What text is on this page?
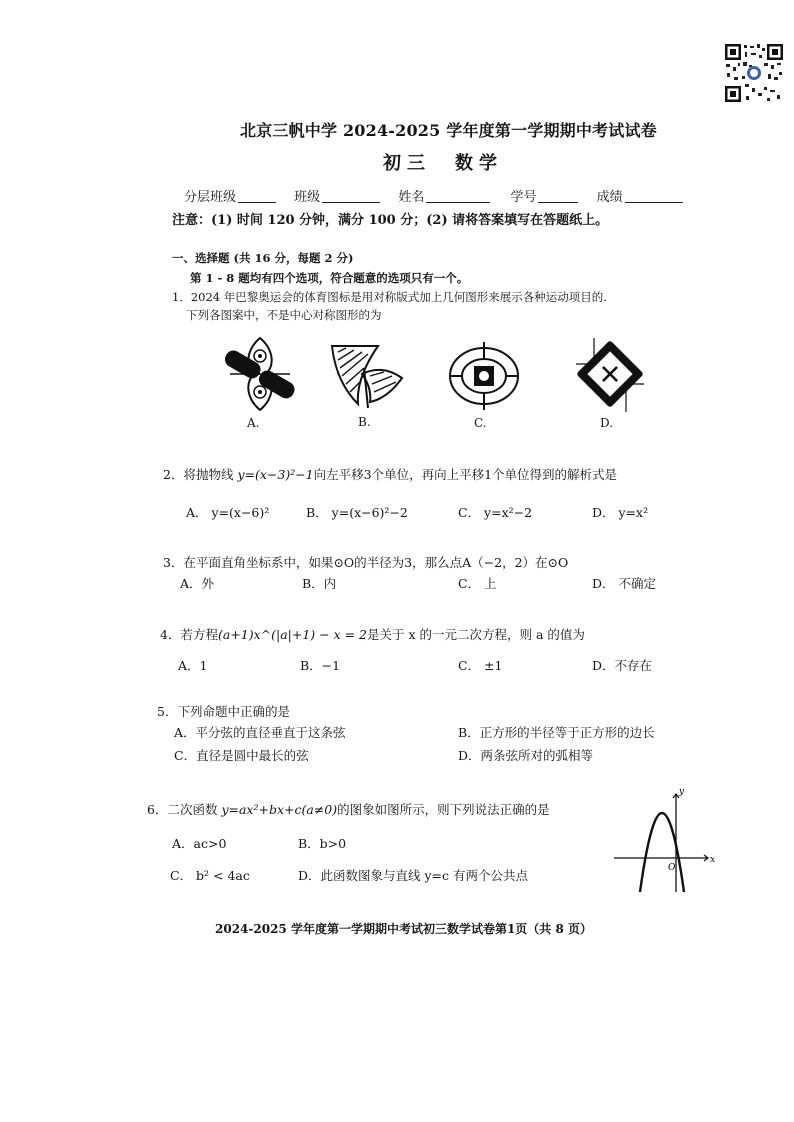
北京三帆中学 2024-2025 学年度第一学期期中考试试卷
初三　数学
分层班级	班级	姓名	学号	成绩
注意：(1) 时间 120 分钟，满分 100 分；(2) 请将答案填写在答题纸上。
一、选择题 (共 16 分，每题 2 分)
第 1 - 8 题均有四个选项，符合题意的选项只有一个。
1．2024 年巴黎奥运会的体育图标是用对称版式加上几何图形来展示各种运动项目的.
下列各图案中，不是中心对称图形的为
A.	B.	C.	D.
2．将抛物线 y=(x−3)²−1向左平移3个单位，再向上平移1个单位得到的解析式是
A． y=(x−6)²	B． y=(x−6)²−2	C． y=x²−2	D． y=x²
3．在平面直角坐标系中，如果⊙O的半径为3，那么点A（−2，2）在⊙O
A．外	B．内	C． 上	D． 不确定
4．若方程(a+1)x^(|a|+1) − x = 2是关于 x 的一元二次方程，则 a 的值为
A．1	B．−1	C． ±1	D．不存在
5．下列命题中正确的是
A．平分弦的直径垂直于这条弦	B．正方形的半径等于正方形的边长
C．直径是圆中最长的弦	D．两条弦所对的弧相等
6．二次函数 y=ax²+bx+c(a≠0)的图象如图所示，则下列说法正确的是
A．ac>0	B．b>0
C． b² < 4ac	D．此函数图象与直线 y=c 有两个公共点
x
y
O
2024-2025 学年度第一学期期中考试初三数学试卷第1页（共 8 页）
